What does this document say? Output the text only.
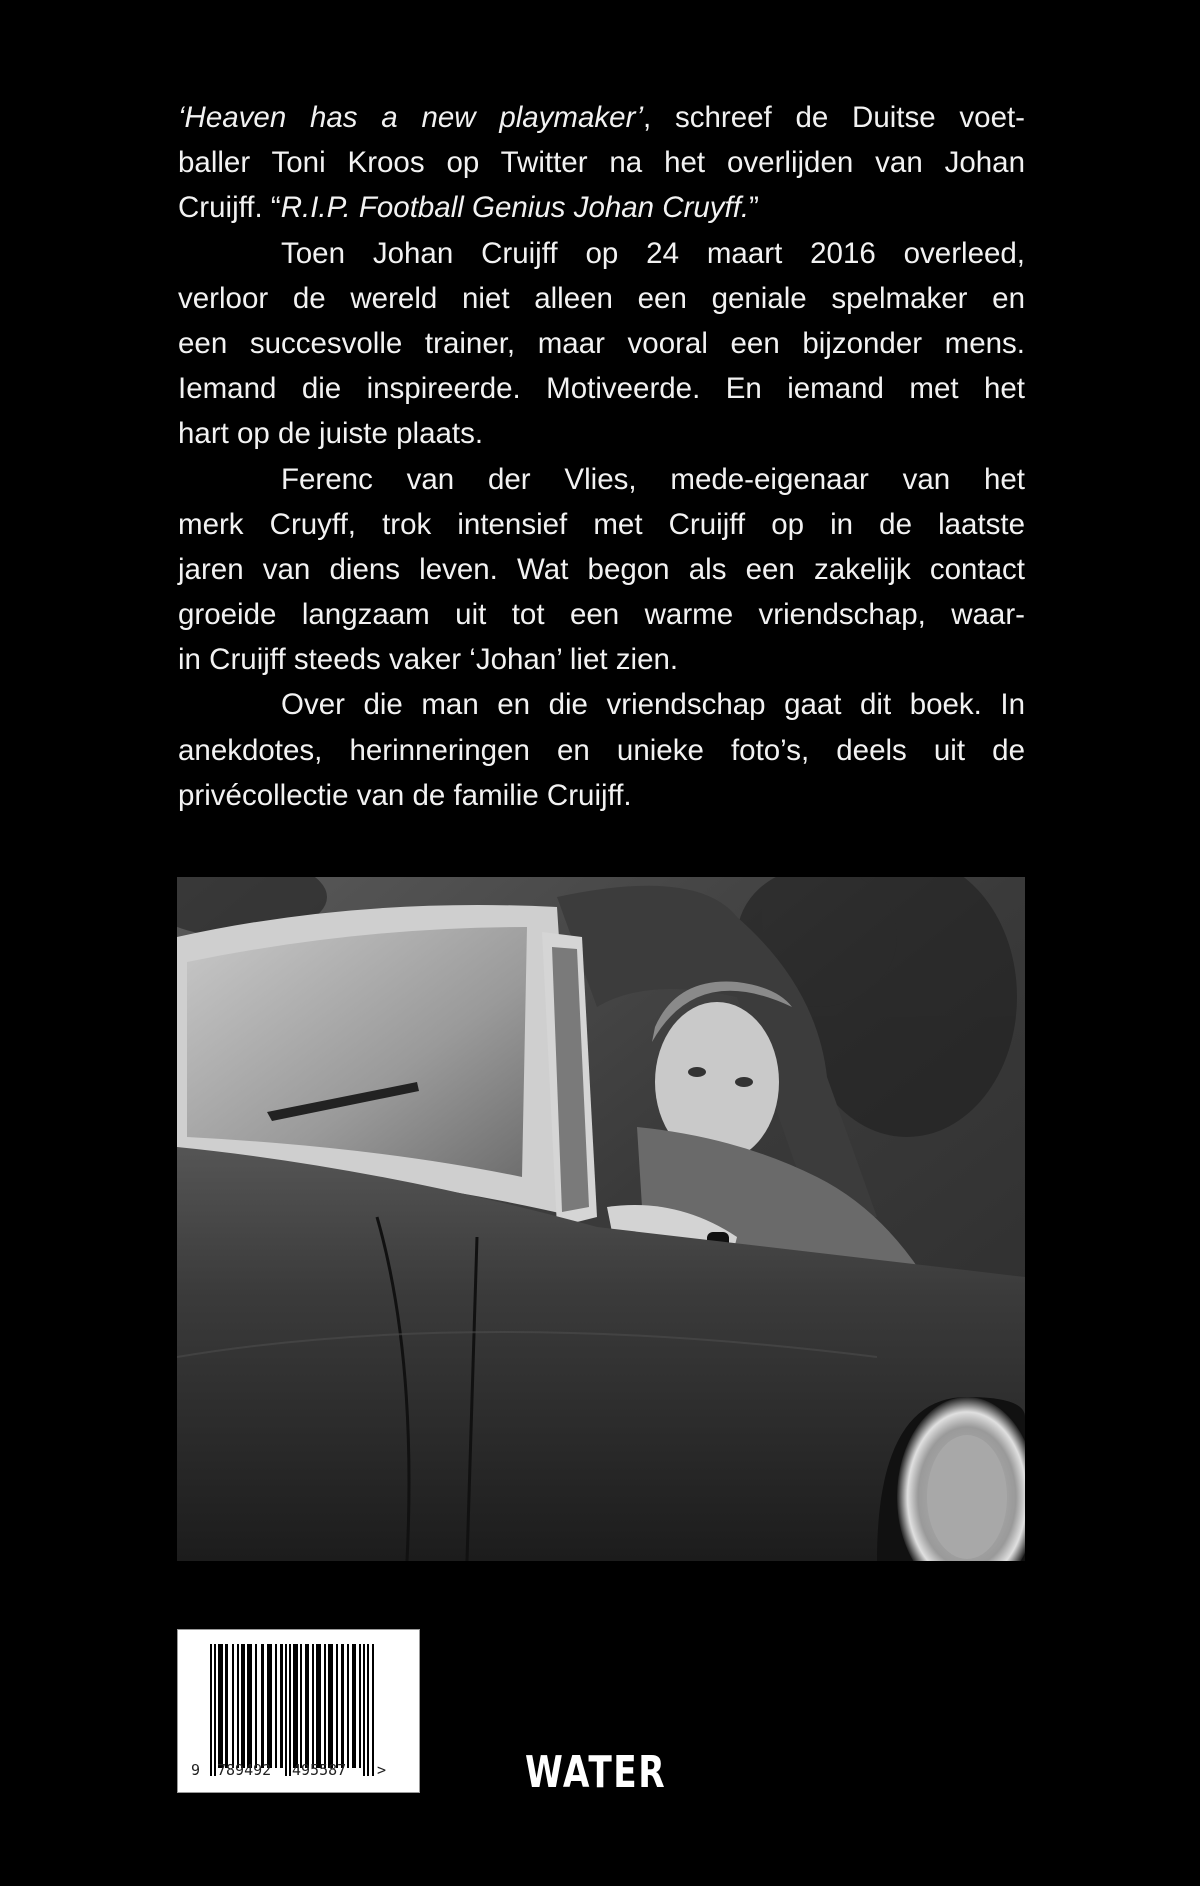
‘Heaven has a new playmaker’, schreef de Duitse voet-
baller Toni Kroos op Twitter na het overlijden van Johan
Cruijff. “R.I.P. Football Genius Johan Cruyff.”
Toen Johan Cruijff op 24 maart 2016 overleed,
verloor de wereld niet alleen een geniale spelmaker en
een succesvolle trainer, maar vooral een bijzonder mens.
Iemand die inspireerde. Motiveerde. En iemand met het
hart op de juiste plaats.
Ferenc van der Vlies, mede-eigenaar van het
merk Cruyff, trok intensief met Cruijff op in de laatste
jaren van diens leven. Wat begon als een zakelijk contact
groeide langzaam uit tot een warme vriendschap, waar-
in Cruijff steeds vaker ‘Johan’ liet zien.
Over die man en die vriendschap gaat dit boek. In
anekdotes, herinneringen en unieke foto’s, deels uit de
privécollectie van de familie Cruijff.
9 789492 495587 >	WATER
